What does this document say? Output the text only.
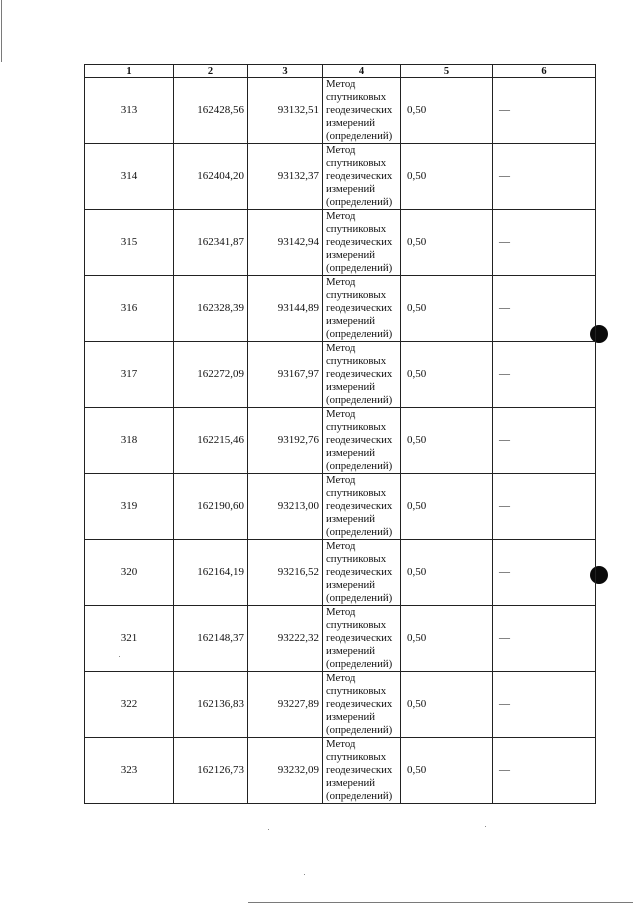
1	2	3	4	5	6
313	162428,56	93132,51	Метод
спутниковых
геодезических
измерений
(определений)	0,50	—
314	162404,20	93132,37	Метод
спутниковых
геодезических
измерений
(определений)	0,50	—
315	162341,87	93142,94	Метод
спутниковых
геодезических
измерений
(определений)	0,50	—
316	162328,39	93144,89	Метод
спутниковых
геодезических
измерений
(определений)	0,50	—
317	162272,09	93167,97	Метод
спутниковых
геодезических
измерений
(определений)	0,50	—
318	162215,46	93192,76	Метод
спутниковых
геодезических
измерений
(определений)	0,50	—
319	162190,60	93213,00	Метод
спутниковых
геодезических
измерений
(определений)	0,50	—
320	162164,19	93216,52	Метод
спутниковых
геодезических
измерений
(определений)	0,50	—
321	162148,37	93222,32	Метод
спутниковых
геодезических
измерений
(определений)	0,50	—
322	162136,83	93227,89	Метод
спутниковых
геодезических
измерений
(определений)	0,50	—
323	162126,73	93232,09	Метод
спутниковых
геодезических
измерений
(определений)	0,50	—
